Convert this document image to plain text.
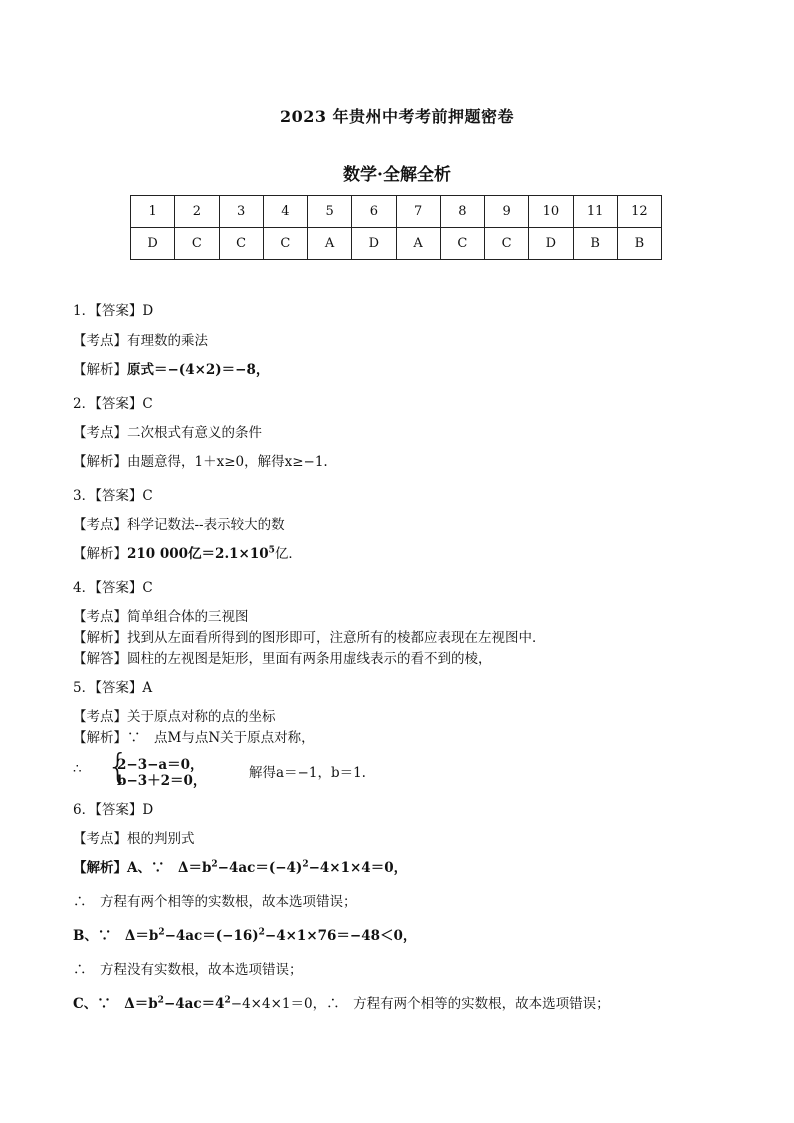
2023 年贵州中考考前押题密卷
数学·全解全析
1	2	3	4	5	6	7	8	9	10	11	12
D	C	C	C	A	D	A	C	C	D	B	B
1．【答案】D
【考点】有理数的乘法
【解析】原式＝−(4×2)＝−8，
2．【答案】C
【考点】二次根式有意义的条件
【解析】由题意得，1＋x≥0，解得x≥−1.
3．【答案】C
【考点】科学记数法--表示较大的数
【解析】210 000亿$=2.1\times 10^5$亿．
4．【答案】C
【考点】简单组合体的三视图
【解析】找到从左面看所得到的图形即可，注意所有的棱都应表现在左视图中．
【解答】圆柱的左视图是矩形，里面有两条用虚线表示的看不到的棱，
5．【答案】A
【考点】关于原点对称的点的坐标
【解析】∵　点M与点N关于原点对称，
∴ {
2−3−a＝0，
b−3＋2＝0，	解得a＝−1，b＝1.
6．【答案】D
【考点】根的判别式
【解析】A、∵　$\Delta=b^2-4ac=(-4)^2-4\times 1\times 4=0$，
∴　方程有两个相等的实数根，故本选项错误；
B、∵　$\Delta=b^2-4ac=(-16)^2-4\times 1\times 76=-48<0$，
∴　方程没有实数根，故本选项错误；
C、∵　$\Delta=b^2-4ac=4^2-4\times 4\times 1=0$，∴　方程有两个相等的实数根，故本选项错误；
